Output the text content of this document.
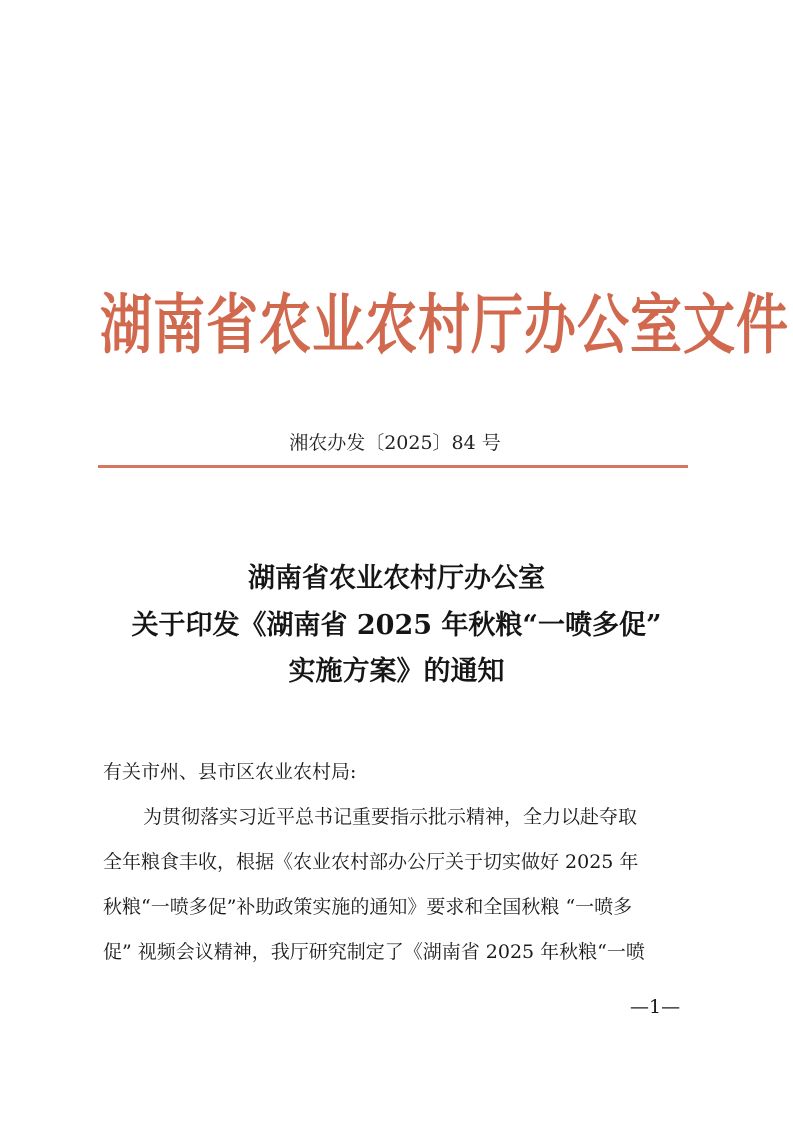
湖南省农业农村厅办公室文件
湘农办发〔2025〕84 号
湖南省农业农村厅办公室
关于印发《湖南省 2025 年秋粮“一喷多促”
实施方案》的通知
有关市州、县市区农业农村局:
为贯彻落实习近平总书记重要指示批示精神，全力以赴夺取
全年粮食丰收，根据《农业农村部办公厅关于切实做好 2025 年
秋粮“一喷多促”补助政策实施的通知》要求和全国秋粮 “一喷多
促” 视频会议精神，我厅研究制定了《湖南省 2025 年秋粮“一喷
—1—
